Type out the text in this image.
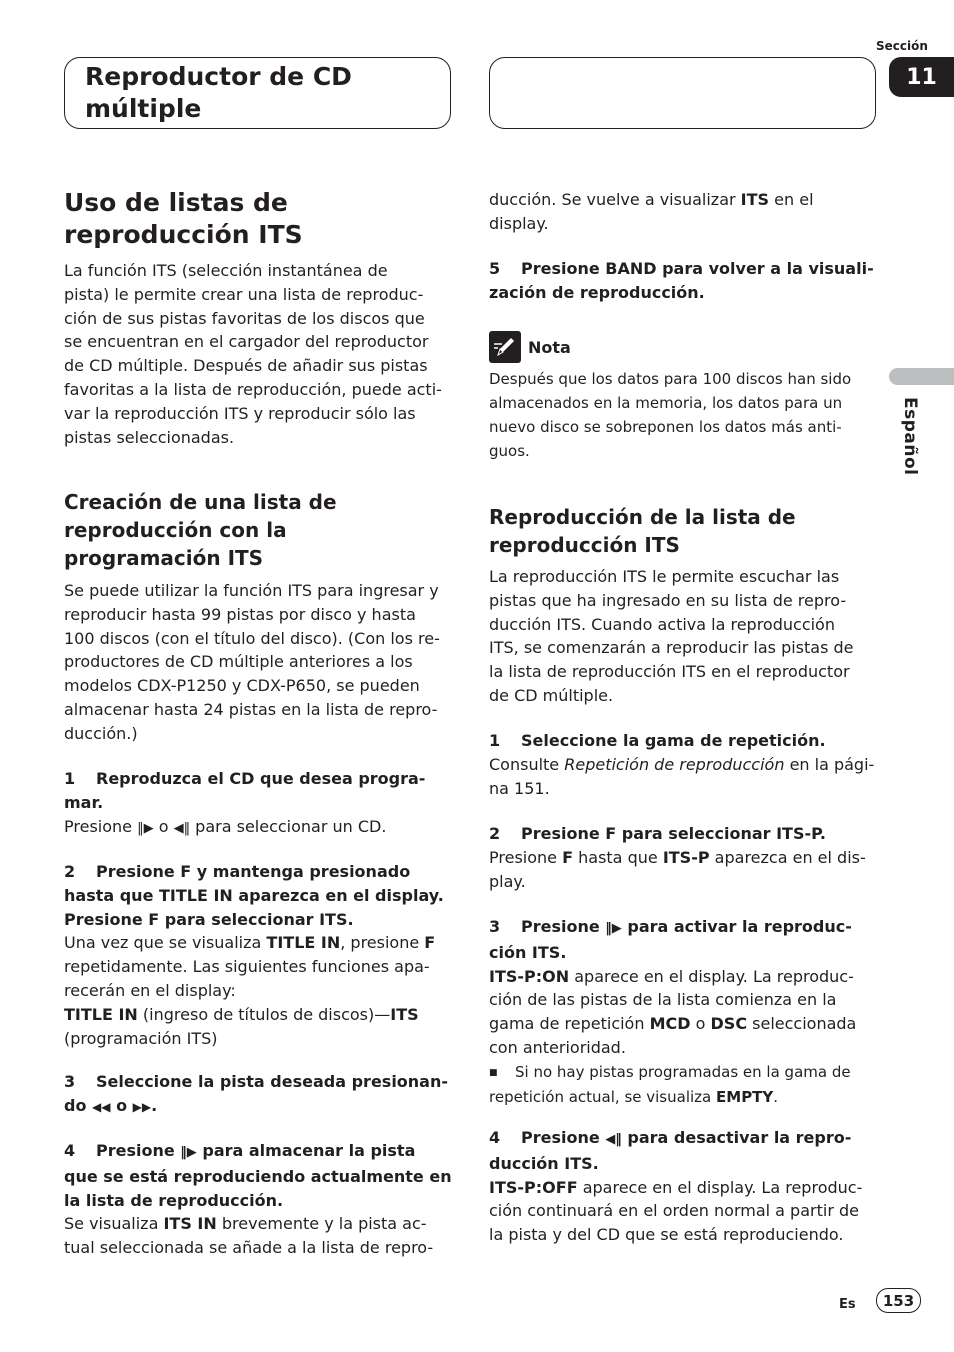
Reproductor de CD
múltiple
Sección
11
Español
Uso de listas de
reproducción ITS

La función ITS (selección instantánea de

pista) le permite crear una lista de reproduc-

ción de sus pistas favoritas de los discos que

se encuentran en el cargador del reproductor

de CD múltiple. Después de añadir sus pistas

favoritas a la lista de reproducción, puede acti-

var la reproducción ITS y reproducir sólo las

pistas seleccionadas.

Creación de una lista de
reproducción con la
programación ITS

Se puede utilizar la función ITS para ingresar y

reproducir hasta 99 pistas por disco y hasta

100 discos (con el título del disco). (Con los re-

productores de CD múltiple anteriores a los

modelos CDX-P1250 y CDX-P650, se pueden

almacenar hasta 24 pistas en la lista de repro-

ducción.)

1 Reproduzca el CD que desea progra-

mar.

Presione ‖▶ o ◀‖ para seleccionar un CD.

2 Presione F y mantenga presionado

hasta que TITLE IN aparezca en el display.

Presione F para seleccionar ITS.

Una vez que se visualiza TITLE IN, presione F

repetidamente. Las siguientes funciones apa-

recerán en el display:

TITLE IN (ingreso de títulos de discos)—ITS

(programación ITS)

3 Seleccione la pista deseada presionan-

do ◀◀ o ▶▶.

4 Presione ‖▶ para almacenar la pista

que se está reproduciendo actualmente en

la lista de reproducción.

Se visualiza ITS IN brevemente y la pista ac-

tual seleccionada se añade a la lista de repro-

ducción. Se vuelve a visualizar ITS en el

display.

5 Presione BAND para volver a la visuali-

zación de reproducción.

Nota

Después que los datos para 100 discos han sido

almacenados en la memoria, los datos para un

nuevo disco se sobreponen los datos más anti-

guos.

Reproducción de la lista de
reproducción ITS

La reproducción ITS le permite escuchar las

pistas que ha ingresado en su lista de repro-

ducción ITS. Cuando activa la reproducción

ITS, se comenzarán a reproducir las pistas de

la lista de reproducción ITS en el reproductor

de CD múltiple.

1 Seleccione la gama de repetición.

Consulte Repetición de reproducción en la pági-

na 151.

2 Presione F para seleccionar ITS-P.

Presione F hasta que ITS-P aparezca en el dis-

play.

3 Presione ‖▶ para activar la reproduc-

ción ITS.

ITS-P:ON aparece en el display. La reproduc-

ción de las pistas de la lista comienza en la

gama de repetición MCD o DSC seleccionada

con anterioridad.

■ Si no hay pistas programadas en la gama de

repetición actual, se visualiza EMPTY.

4 Presione ◀‖ para desactivar la repro-

ducción ITS.

ITS-P:OFF aparece en el display. La reproduc-

ción continuará en el orden normal a partir de

la pista y del CD que se está reproduciendo.

Es	153
